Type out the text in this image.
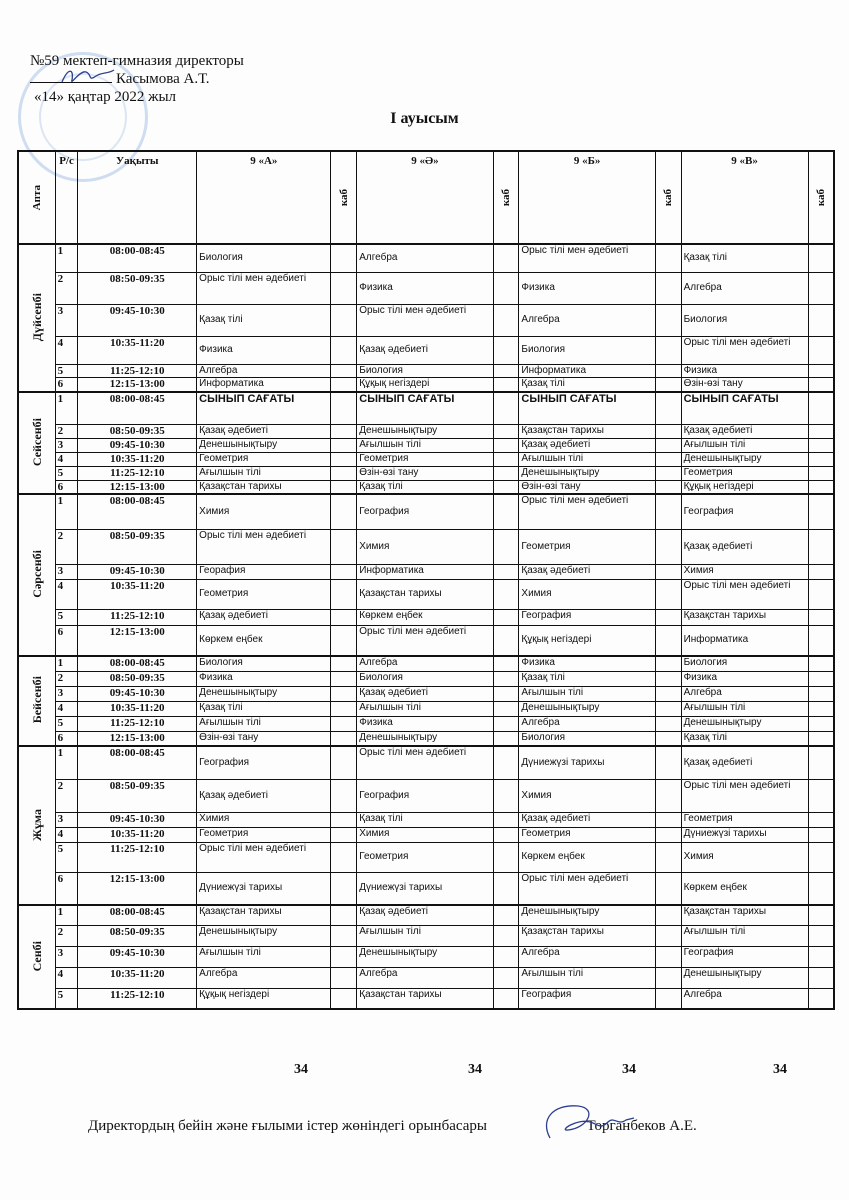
№59 мектеп-гимназия директоры
Касымова А.Т.
«14» қаңтар 2022 жыл
І ауысым
Апта	Р/с	Уақыты	9 «А»	каб	9 «Ә»	каб	9 «Б»	каб	9 «В»	каб
Дүйсенбі	1	08:00-08:45	Биология		Алгебра		Орыс тілі мен әдебиеті		Қазақ тілі	
	2	08:50-09:35	Орыс тілі мен әдебиеті		Физика		Физика		Алгебра	
	3	09:45-10:30	Қазақ тілі		Орыс тілі мен әдебиеті		Алгебра		Биология	
	4	10:35-11:20	Физика		Қазақ әдебиеті		Биология		Орыс тілі мен әдебиеті	
	5	11:25-12:10	Алгебра		Биология		Информатика		Физика	
	6	12:15-13:00	Информатика		Құқық негіздері		Қазақ тілі		Өзін-өзі тану	
Сейсенбі	1	08:00-08:45	СЫНЫП САҒАТЫ		СЫНЫП САҒАТЫ		СЫНЫП САҒАТЫ		СЫНЫП САҒАТЫ	
	2	08:50-09:35	Қазақ әдебиеті		Денешынықтыру		Қазақстан тарихы		Қазақ әдебиеті	
	3	09:45-10:30	Денешынықтыру		Ағылшын тілі		Қазақ әдебиеті		Ағылшын тілі	
	4	10:35-11:20	Геометрия		Геометрия		Ағылшын тілі		Денешынықтыру	
	5	11:25-12:10	Ағылшын тілі		Өзін-өзі тану		Денешынықтыру		Геометрия	
	6	12:15-13:00	Қазақстан тарихы		Қазақ тілі		Өзін-өзі тану		Құқық негіздері	
Сәрсенбі	1	08:00-08:45	Химия		География		Орыс тілі мен әдебиеті		География	
	2	08:50-09:35	Орыс тілі мен әдебиеті		Химия		Геометрия		Қазақ әдебиеті	
	3	09:45-10:30	Георафия		Информатика		Қазақ әдебиеті		Химия	
	4	10:35-11:20	Геометрия		Қазақстан тарихы		Химия		Орыс тілі мен әдебиеті	
	5	11:25-12:10	Қазақ әдебиеті		Көркем еңбек		География		Қазақстан тарихы	
	6	12:15-13:00	Көркем еңбек		Орыс тілі мен әдебиеті		Құқық негіздері		Информатика	
Бейсенбі	1	08:00-08:45	Биология		Алгебра		Физика		Биология	
	2	08:50-09:35	Физика		Биология		Қазақ тілі		Физика	
	3	09:45-10:30	Денешынықтыру		Қазақ әдебиеті		Ағылшын тілі		Алгебра	
	4	10:35-11:20	Қазақ тілі		Ағылшын тілі		Денешынықтыру		Ағылшын тілі	
	5	11:25-12:10	Ағылшын тілі		Физика		Алгебра		Денешынықтыру	
	6	12:15-13:00	Өзін-өзі тану		Денешынықтыру		Биология		Қазақ тілі	
Жұма	1	08:00-08:45	География		Орыс тілі мен әдебиеті		Дүниежүзі тарихы		Қазақ әдебиеті	
	2	08:50-09:35	Қазақ әдебиеті		География		Химия		Орыс тілі мен әдебиеті	
	3	09:45-10:30	Химия		Қазақ тілі		Қазақ әдебиеті		Геометрия	
	4	10:35-11:20	Геометрия		Химия		Геометрия		Дүниежүзі тарихы	
	5	11:25-12:10	Орыс тілі мен әдебиеті		Геометрия		Көркем еңбек		Химия	
	6	12:15-13:00	Дүниежүзі тарихы		Дүниежүзі тарихы		Орыс тілі мен әдебиеті		Көркем еңбек	
Сенбі	1	08:00-08:45	Қазақстан тарихы		Қазақ әдебиеті		Денешынықтыру		Қазақстан тарихы	
	2	08:50-09:35	Денешынықтыру		Ағылшын тілі		Қазақстан тарихы		Ағылшын тілі	
	3	09:45-10:30	Ағылшын тілі		Денешынықтыру		Алгебра		География	
	4	10:35-11:20	Алгебра		Алгебра		Ағылшын тілі		Денешынықтыру	
	5	11:25-12:10	Құқық негіздері		Қазақстан тарихы		География		Алгебра	
34	34	34	34
Директордың бейін және ғылыми істер жөніндегі орынбасары	Торганбеков А.Е.
